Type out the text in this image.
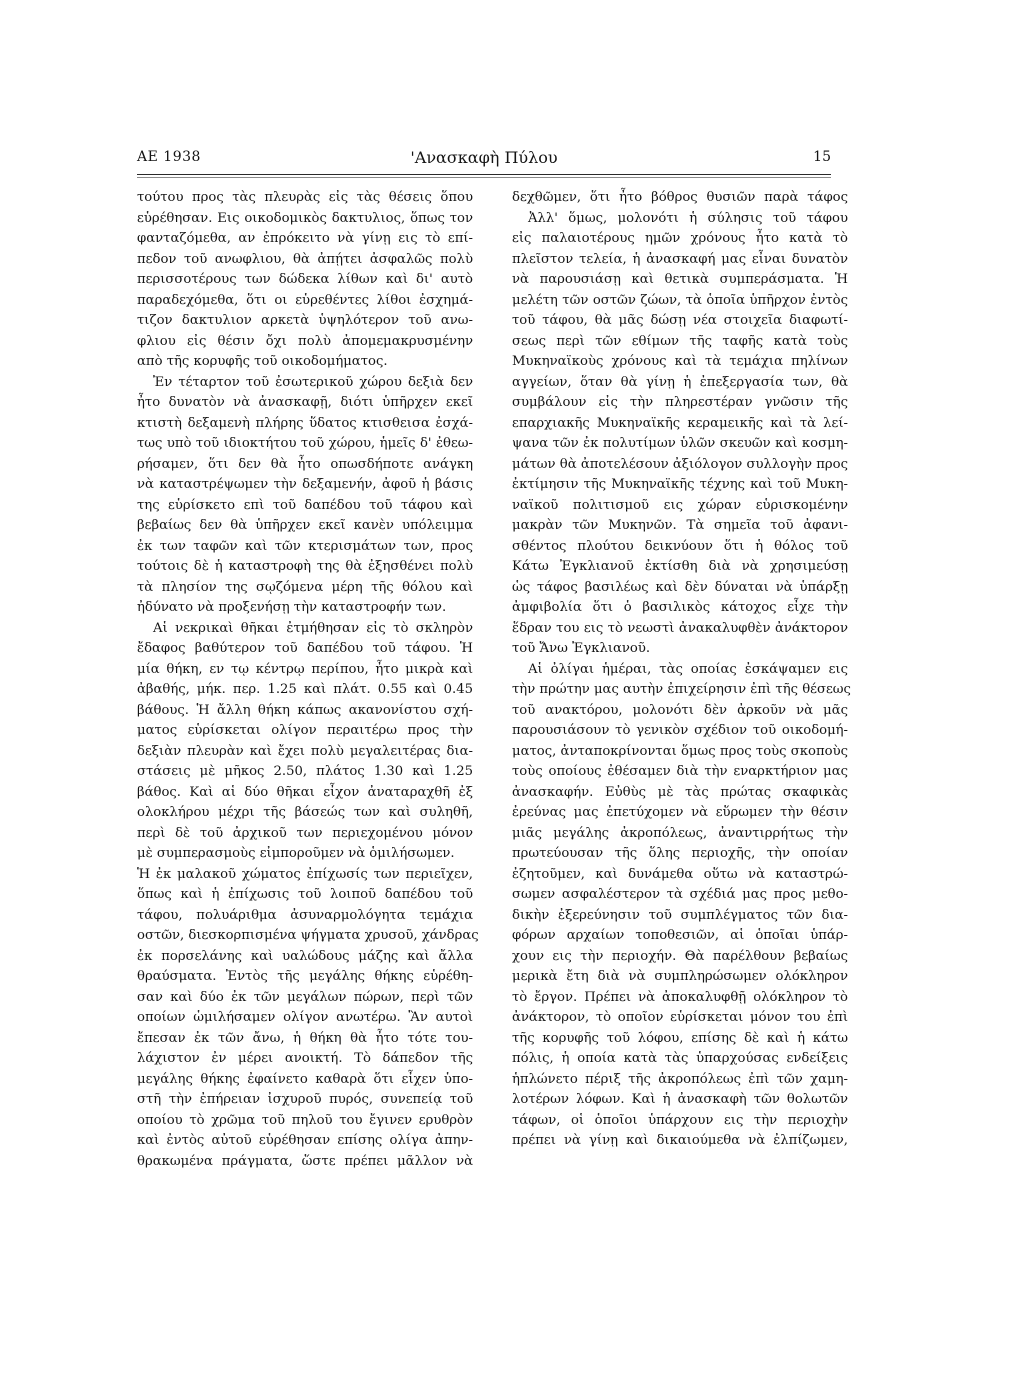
ΑΕ 1938	'Ανασκαφὴ Πύλου	15
τούτου προς τὰς πλευρὰς εἰς τὰς θέσεις ὅπου
εὑρέθησαν. Εις οικοδομικὸς δακτυλιος, ὅπως τον
φανταζόμεθα, αν ἐπρόκειτο νὰ γίνῃ εις τὸ επί-
πεδον τοῦ ανωφλιου, θὰ ἀπῄτει ἀσφαλῶς πολὺ
περισσοτέρους των δώδεκα λίθων καὶ δι' αυτὸ
παραδεχόμεθα, ὅτι οι εὑρεθέντες λίθοι ἐσχημά-
τιζον δακτυλιον αρκετὰ ὑψηλότερον τοῦ ανω-
φλιου εἰς θέσιν ὄχι πολὺ ἀπομεμακρυσμένην
απὸ τῆς κορυφῆς τοῦ οικοδομήματος.
Ἐν τέταρτον τοῦ ἐσωτερικοῦ χώρου δεξιὰ δεν
ἦτο δυνατὸν νὰ ἀνασκαφῇ, διότι ὑπῆρχεν εκεῖ
κτιστὴ δεξαμενὴ πλήρης ὕδατος κτισθεισα ἐσχά-
τως υπὸ τοῦ ιδιοκτήτου τοῦ χώρου, ἡμεῖς δ' ἐθεω-
ρήσαμεν, ὅτι δεν θὰ ἦτο οπωσδήποτε ανάγκη
νὰ καταστρέψωμεν τὴν δεξαμενήν, ἀφοῦ ἡ βάσις
της εὑρίσκετο επὶ τοῦ δαπέδου τοῦ τάφου καὶ
βεβαίως δεν θὰ ὑπῆρχεν εκεῖ κανὲν υπόλειμμα
ἐκ των ταφῶν καὶ τῶν κτερισμάτων των, προς
τούτοις δὲ ἡ καταστροφὴ της θὰ ἐξησθένει πολὺ
τὰ πλησίον της σῳζόμενα μέρη τῆς θόλου καὶ
ἠδύνατο νὰ προξενήσῃ τὴν καταστροφήν των.
Αἱ νεκρικαὶ θῆκαι ἐτμήθησαν εἰς τὸ σκληρὸν
ἔδαφος βαθύτερον τοῦ δαπέδου τοῦ τάφου. Ἡ
μία θήκη, εν τῳ κέντρῳ περίπου, ἦτο μικρὰ καὶ
ἀβαθής, μήκ. περ. 1.25 καὶ πλάτ. 0.55 καὶ 0.45
βάθους. Ἡ ἄλλη θήκη κάπως ακανονίστου σχή-
ματος εὑρίσκεται ολίγον περαιτέρω προς τὴν
δεξιὰν πλευρὰν καὶ ἔχει πολὺ μεγαλειτέρας δια-
στάσεις μὲ μῆκος 2.50, πλάτος 1.30 καὶ 1.25
βάθος. Καὶ αἱ δύο θῆκαι εἶχον ἀναταραχθῆ ἐξ
ολοκλήρου μέχρι τῆς βάσεώς των καὶ συληθῆ,
περὶ δὲ τοῦ ἀρχικοῦ των περιεχομένου μόνον
μὲ συμπερασμοὺς εἰμποροῦμεν νὰ ὁμιλήσωμεν.
Ἡ ἐκ μαλακοῦ χώματος ἐπίχωσίς των περιεῖχεν,
ὅπως καὶ ἡ ἐπίχωσις τοῦ λοιποῦ δαπέδου τοῦ
τάφου, πολυάριθμα ἀσυναρμολόγητα τεμάχια
οστῶν, διεσκορπισμένα ψήγματα χρυσοῦ, χάνδρας
ἐκ πορσελάνης καὶ υαλώδους μάζης καὶ ἄλλα
θραύσματα. Ἐντὸς τῆς μεγάλης θήκης εὑρέθη-
σαν καὶ δύο ἐκ τῶν μεγάλων πώρων, περὶ τῶν
οποίων ὡμιλήσαμεν ολίγον ανωτέρω. Ἂν αυτοὶ
ἔπεσαν ἐκ τῶν ἄνω, ἡ θήκη θὰ ἦτο τότε του-
λάχιστον ἐν μέρει ανοικτή. Τὸ δάπεδον τῆς
μεγάλης θήκης ἐφαίνετο καθαρὰ ὅτι εἶχεν ὑπο-
στῆ τὴν ἐπήρειαν ἰσχυροῦ πυρός, συνεπείᾳ τοῦ
οποίου τὸ χρῶμα τοῦ πηλοῦ του ἔγινεν ερυθρὸν
καὶ ἐντὸς αὐτοῦ εὑρέθησαν επίσης ολίγα ἀπην-
θρακωμένα πράγματα, ὥστε πρέπει μᾶλλον νὰ
δεχθῶμεν, ὅτι ἦτο βόθρος θυσιῶν παρὰ τάφος
Ἀλλ' ὅμως, μολονότι ἡ σύλησις τοῦ τάφου
εἰς παλαιοτέρους ημῶν χρόνους ἦτο κατὰ τὸ
πλεῖστον τελεία, ἡ ἀνασκαφή μας εἶναι δυνατὸν
νὰ παρουσιάσῃ καὶ θετικὰ συμπεράσματα. Ἡ
μελέτη τῶν οστῶν ζώων, τὰ ὁποῖα ὑπῆρχον ἐντὸς
τοῦ τάφου, θὰ μᾶς δώσῃ νέα στοιχεῖα διαφωτί-
σεως περὶ τῶν εθίμων τῆς ταφῆς κατὰ τοὺς
Μυκηναϊκοὺς χρόνους καὶ τὰ τεμάχια πηλίνων
αγγείων, ὅταν θὰ γίνῃ ἡ ἐπεξεργασία των, θὰ
συμβάλουν εἰς τὴν πληρεστέραν γνῶσιν τῆς
επαρχιακῆς Μυκηναϊκῆς κεραμεικῆς καὶ τὰ λεί-
ψανα τῶν ἐκ πολυτίμων ὑλῶν σκευῶν καὶ κοσμη-
μάτων θὰ ἀποτελέσουν ἀξιόλογον συλλογὴν προς
ἐκτίμησιν τῆς Μυκηναϊκῆς τέχνης καὶ τοῦ Μυκη-
ναϊκοῦ πολιτισμοῦ εις χώραν εὑρισκομένην
μακρὰν τῶν Μυκηνῶν. Τὰ σημεῖα τοῦ ἀφανι-
σθέντος πλούτου δεικνύουν ὅτι ἡ θόλος τοῦ
Κάτω Ἐγκλιανοῦ ἐκτίσθη διὰ νὰ χρησιμεύσῃ
ὡς τάφος βασιλέως καὶ δὲν δύναται νὰ ὑπάρξῃ
ἀμφιβολία ὅτι ὁ βασιλικὸς κάτοχος εἶχε τὴν
ἕδραν του εις τὸ νεωστὶ ἀνακαλυφθὲν ἀνάκτορον
τοῦ Ἄνω Ἐγκλιανοῦ.
Αἱ ὀλίγαι ἡμέραι, τὰς οποίας ἐσκάψαμεν εις
τὴν πρώτην μας αυτὴν ἐπιχείρησιν ἐπὶ τῆς θέσεως
τοῦ ανακτόρου, μολονότι δὲν ἀρκοῦν νὰ μᾶς
παρουσιάσουν τὸ γενικὸν σχέδιον τοῦ οικοδομή-
ματος, ἀνταποκρίνονται ὅμως προς τοὺς σκοποὺς
τοὺς οποίους ἐθέσαμεν διὰ τὴν εναρκτήριον μας
ἀνασκαφήν. Εὐθὺς μὲ τὰς πρώτας σκαφικὰς
ἐρεύνας μας ἐπετύχομεν νὰ εὕρωμεν τὴν θέσιν
μιᾶς μεγάλης ἀκροπόλεως, ἀναντιρρήτως τὴν
πρωτεύουσαν τῆς ὅλης περιοχῆς, τὴν οποίαν
ἐζητοῦμεν, καὶ δυνάμεθα οὕτω νὰ καταστρώ-
σωμεν ασφαλέστερον τὰ σχέδιά μας προς μεθο-
δικὴν ἐξερεύνησιν τοῦ συμπλέγματος τῶν δια-
φόρων αρχαίων τοποθεσιῶν, αἱ ὁποῖαι ὑπάρ-
χουν εις τὴν περιοχήν. Θὰ παρέλθουν βεβαίως
μερικὰ ἔτη διὰ νὰ συμπληρώσωμεν ολόκληρον
τὸ ἔργον. Πρέπει νὰ ἀποκαλυφθῇ ολόκληρον τὸ
ἀνάκτορον, τὸ οποῖον εὑρίσκεται μόνον του ἐπὶ
τῆς κορυφῆς τοῦ λόφου, επίσης δὲ καὶ ἡ κάτω
πόλις, ἡ οποία κατὰ τὰς ὑπαρχούσας ενδείξεις
ἡπλώνετο πέριξ τῆς ἀκροπόλεως ἐπὶ τῶν χαμη-
λοτέρων λόφων. Καὶ ἡ ἀνασκαφὴ τῶν θολωτῶν
τάφων, οἱ ὁποῖοι ὑπάρχουν εις τὴν περιοχὴν
πρέπει νὰ γίνῃ καὶ δικαιούμεθα νὰ ἐλπίζωμεν,
